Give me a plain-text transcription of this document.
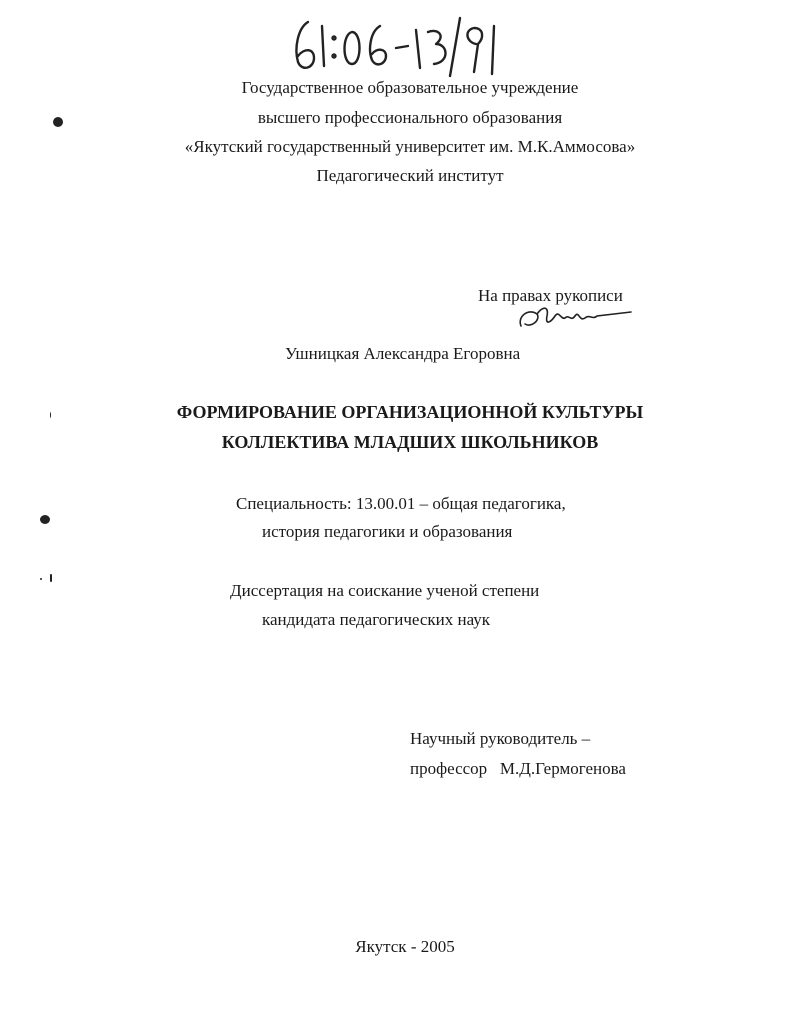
Государственное образовательное учреждение
высшего профессионального образования
«Якутский государственный университет им. М.К.Аммосова»
Педагогический институт
На правах рукописи
Ушницкая Александра Егоровна
ФОРМИРОВАНИЕ ОРГАНИЗАЦИОННОЙ КУЛЬТУРЫ
КОЛЛЕКТИВА МЛАДШИХ ШКОЛЬНИКОВ
Специальность: 13.00.01 – общая педагогика,
история педагогики и образования
Диссертация на соискание ученой степени
кандидата педагогических наук
Научный руководитель –
профессор   М.Д.Гермогенова
Якутск - 2005
